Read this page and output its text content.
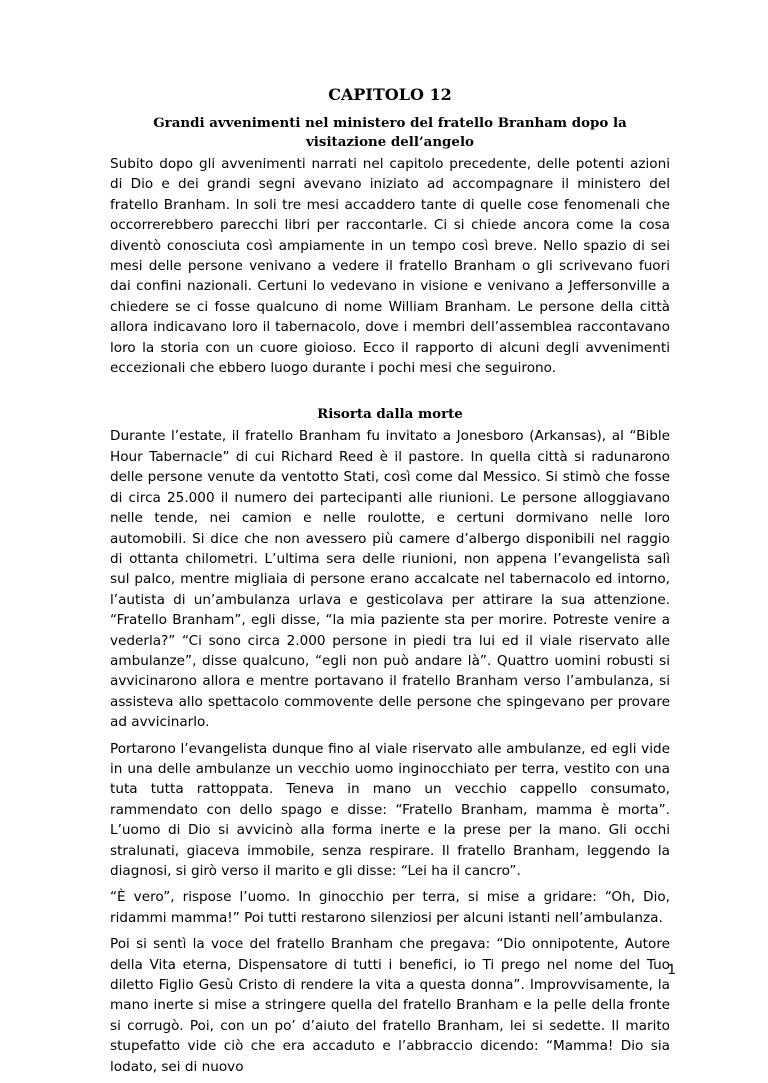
CAPITOLO 12
Grandi avvenimenti nel ministero del fratello Branham dopo la visitazione dell’angelo

Subito dopo gli avvenimenti narrati nel capitolo precedente, delle potenti azioni di Dio e dei grandi segni avevano iniziato ad accompagnare il ministero del fratello Branham. In soli tre mesi accaddero tante di quelle cose fenomenali che occorrerebbero parecchi libri per raccontarle. Ci si chiede ancora come la cosa diventò conosciuta così ampiamente in un tempo così breve. Nello spazio di sei mesi delle persone venivano a vedere il fratello Branham o gli scrivevano fuori dai confini nazionali. Certuni lo vedevano in visione e venivano a Jeffersonville a chiedere se ci fosse qualcuno di nome William Branham. Le persone della città allora indicavano loro il tabernacolo, dove i membri dell’assemblea raccontavano loro la storia con un cuore gioioso. Ecco il rapporto di alcuni degli avvenimenti eccezionali che ebbero luogo durante i pochi mesi che seguirono.

Risorta dalla morte

Durante l’estate, il fratello Branham fu invitato a Jonesboro (Arkansas), al “Bible Hour Tabernacle” di cui Richard Reed è il pastore. In quella città si radunarono delle persone venute da ventotto Stati, così come dal Messico. Si stimò che fosse di circa 25.000 il numero dei partecipanti alle riunioni. Le persone alloggiavano nelle tende, nei camion e nelle roulotte, e certuni dormivano nelle loro automobili. Si dice che non avessero più camere d’albergo disponibili nel raggio di ottanta chilometri. L’ultima sera delle riunioni, non appena l’evangelista salì sul palco, mentre migliaia di persone erano accalcate nel tabernacolo ed intorno, l’autista di un’ambulanza urlava e gesticolava per attirare la sua attenzione. “Fratello Branham”, egli disse, “la mia paziente sta per morire. Potreste venire a vederla?” “Ci sono circa 2.000 persone in piedi tra lui ed il viale riservato alle ambulanze”, disse qualcuno, “egli non può andare là”. Quattro uomini robusti si avvicinarono allora e mentre portavano il fratello Branham verso l’ambulanza, si assisteva allo spettacolo commovente delle persone che spingevano per provare ad avvicinarlo.

Portarono l’evangelista dunque fino al viale riservato alle ambulanze, ed egli vide in una delle ambulanze un vecchio uomo inginocchiato per terra, vestito con una tuta tutta rattoppata. Teneva in mano un vecchio cappello consumato, rammendato con dello spago e disse: “Fratello Branham, mamma è morta”. L’uomo di Dio si avvicinò alla forma inerte e la prese per la mano. Gli occhi stralunati, giaceva immobile, senza respirare. Il fratello Branham, leggendo la diagnosi, si girò verso il marito e gli disse: “Lei ha il cancro”.

“È vero”, rispose l’uomo. In ginocchio per terra, si mise a gridare: “Oh, Dio, ridammi mamma!” Poi tutti restarono silenziosi per alcuni istanti nell’ambulanza.

Poi si sentì la voce del fratello Branham che pregava: “Dio onnipotente, Autore della Vita eterna, Dispensatore di tutti i benefici, io Ti prego nel nome del Tuo diletto Figlio Gesù Cristo di rendere la vita a questa donna”. Improvvisamente, la mano inerte si mise a stringere quella del fratello Branham e la pelle della fronte si corrugò. Poi, con un po’ d’aiuto del fratello Branham, lei si sedette. Il marito stupefatto vide ciò che era accaduto e l’abbraccio dicendo: “Mamma! Dio sia lodato, sei di nuovo

1
